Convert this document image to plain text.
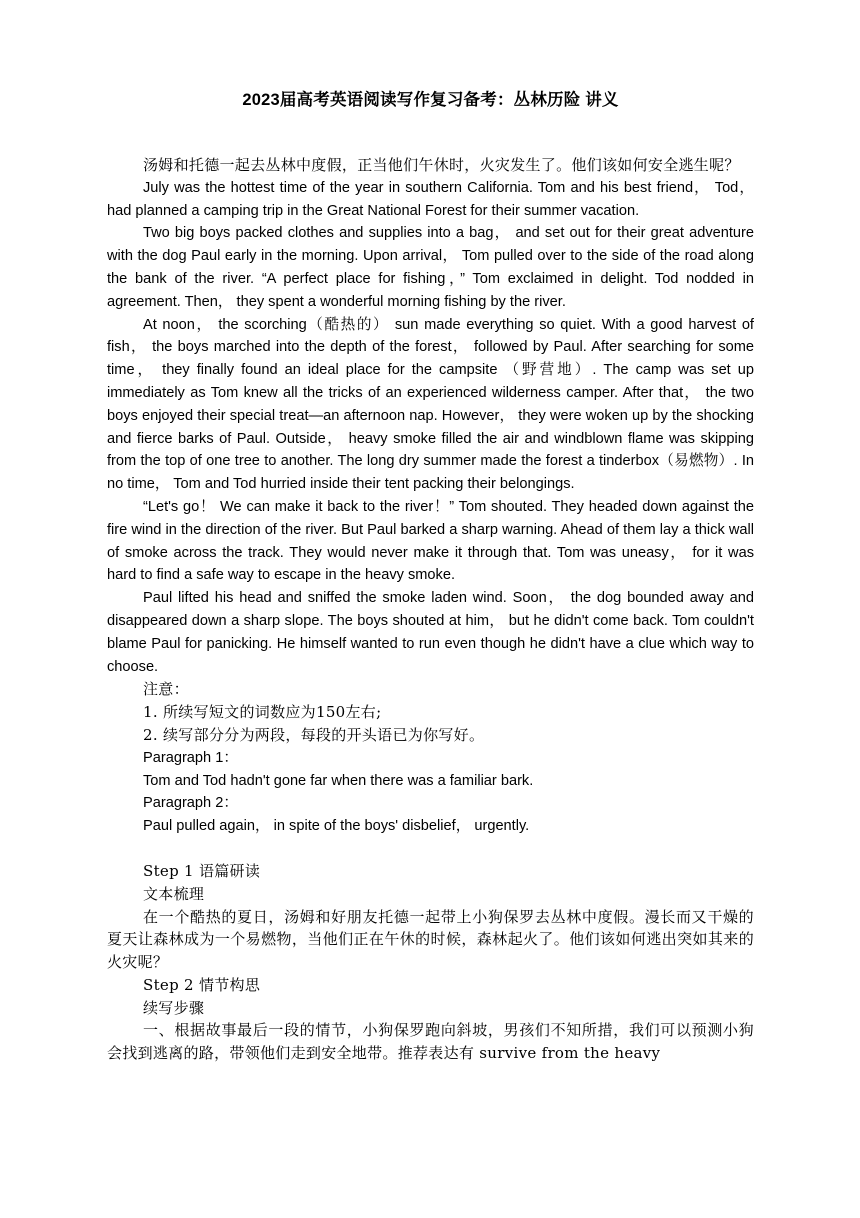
2023届高考英语阅读写作复习备考：丛林历险 讲义

汤姆和托德一起去丛林中度假，正当他们午休时，火灾发生了。他们该如何安全逃生呢？

July was the hottest time of the year in southern California. Tom and his best friend， Tod， had planned a camping trip in the Great National Forest for their summer vacation.

Two big boys packed clothes and supplies into a bag， and set out for their great adventure with the dog Paul early in the morning. Upon arrival， Tom pulled over to the side of the road along the bank of the river. “A perfect place for fishing，” Tom exclaimed in delight. Tod nodded in agreement. Then， they spent a wonderful morning fishing by the river.

At noon， the scorching（酷热的） sun made everything so quiet. With a good harvest of fish， the boys marched into the depth of the forest， followed by Paul. After searching for some time， they finally found an ideal place for the campsite （野营地）. The camp was set up immediately as Tom knew all the tricks of an experienced wilderness camper. After that， the two boys enjoyed their special treat—an afternoon nap. However， they were woken up by the shocking and fierce barks of Paul. Outside， heavy smoke filled the air and windblown flame was skipping from the top of one tree to another. The long dry summer made the forest a tinderbox（易燃物）. In no time， Tom and Tod hurried inside their tent packing their belongings.

“Let's go！ We can make it back to the river！” Tom shouted. They headed down against the fire wind in the direction of the river. But Paul barked a sharp warning. Ahead of them lay a thick wall of smoke across the track. They would never make it through that. Tom was uneasy， for it was hard to find a safe way to escape in the heavy smoke.

Paul lifted his head and sniffed the smoke laden wind. Soon， the dog bounded away and disappeared down a sharp slope. The boys shouted at him， but he didn't come back. Tom couldn't blame Paul for panicking. He himself wanted to run even though he didn't have a clue which way to choose.

注意：

1. 所续写短文的词数应为150左右;

2. 续写部分分为两段，每段的开头语已为你写好。

Paragraph 1：

Tom and Tod hadn't gone far when there was a familiar bark.

Paragraph 2：

Paul pulled again， in spite of the boys' disbelief， urgently.

Step 1 语篇研读

文本梳理

在一个酷热的夏日，汤姆和好朋友托德一起带上小狗保罗去丛林中度假。漫长而又干燥的夏天让森林成为一个易燃物，当他们正在午休的时候，森林起火了。他们该如何逃出突如其来的火灾呢？

Step 2 情节构思

续写步骤

一、根据故事最后一段的情节，小狗保罗跑向斜坡，男孩们不知所措，我们可以预测小狗会找到逃离的路，带领他们走到安全地带。推荐表达有 survive from the heavy
